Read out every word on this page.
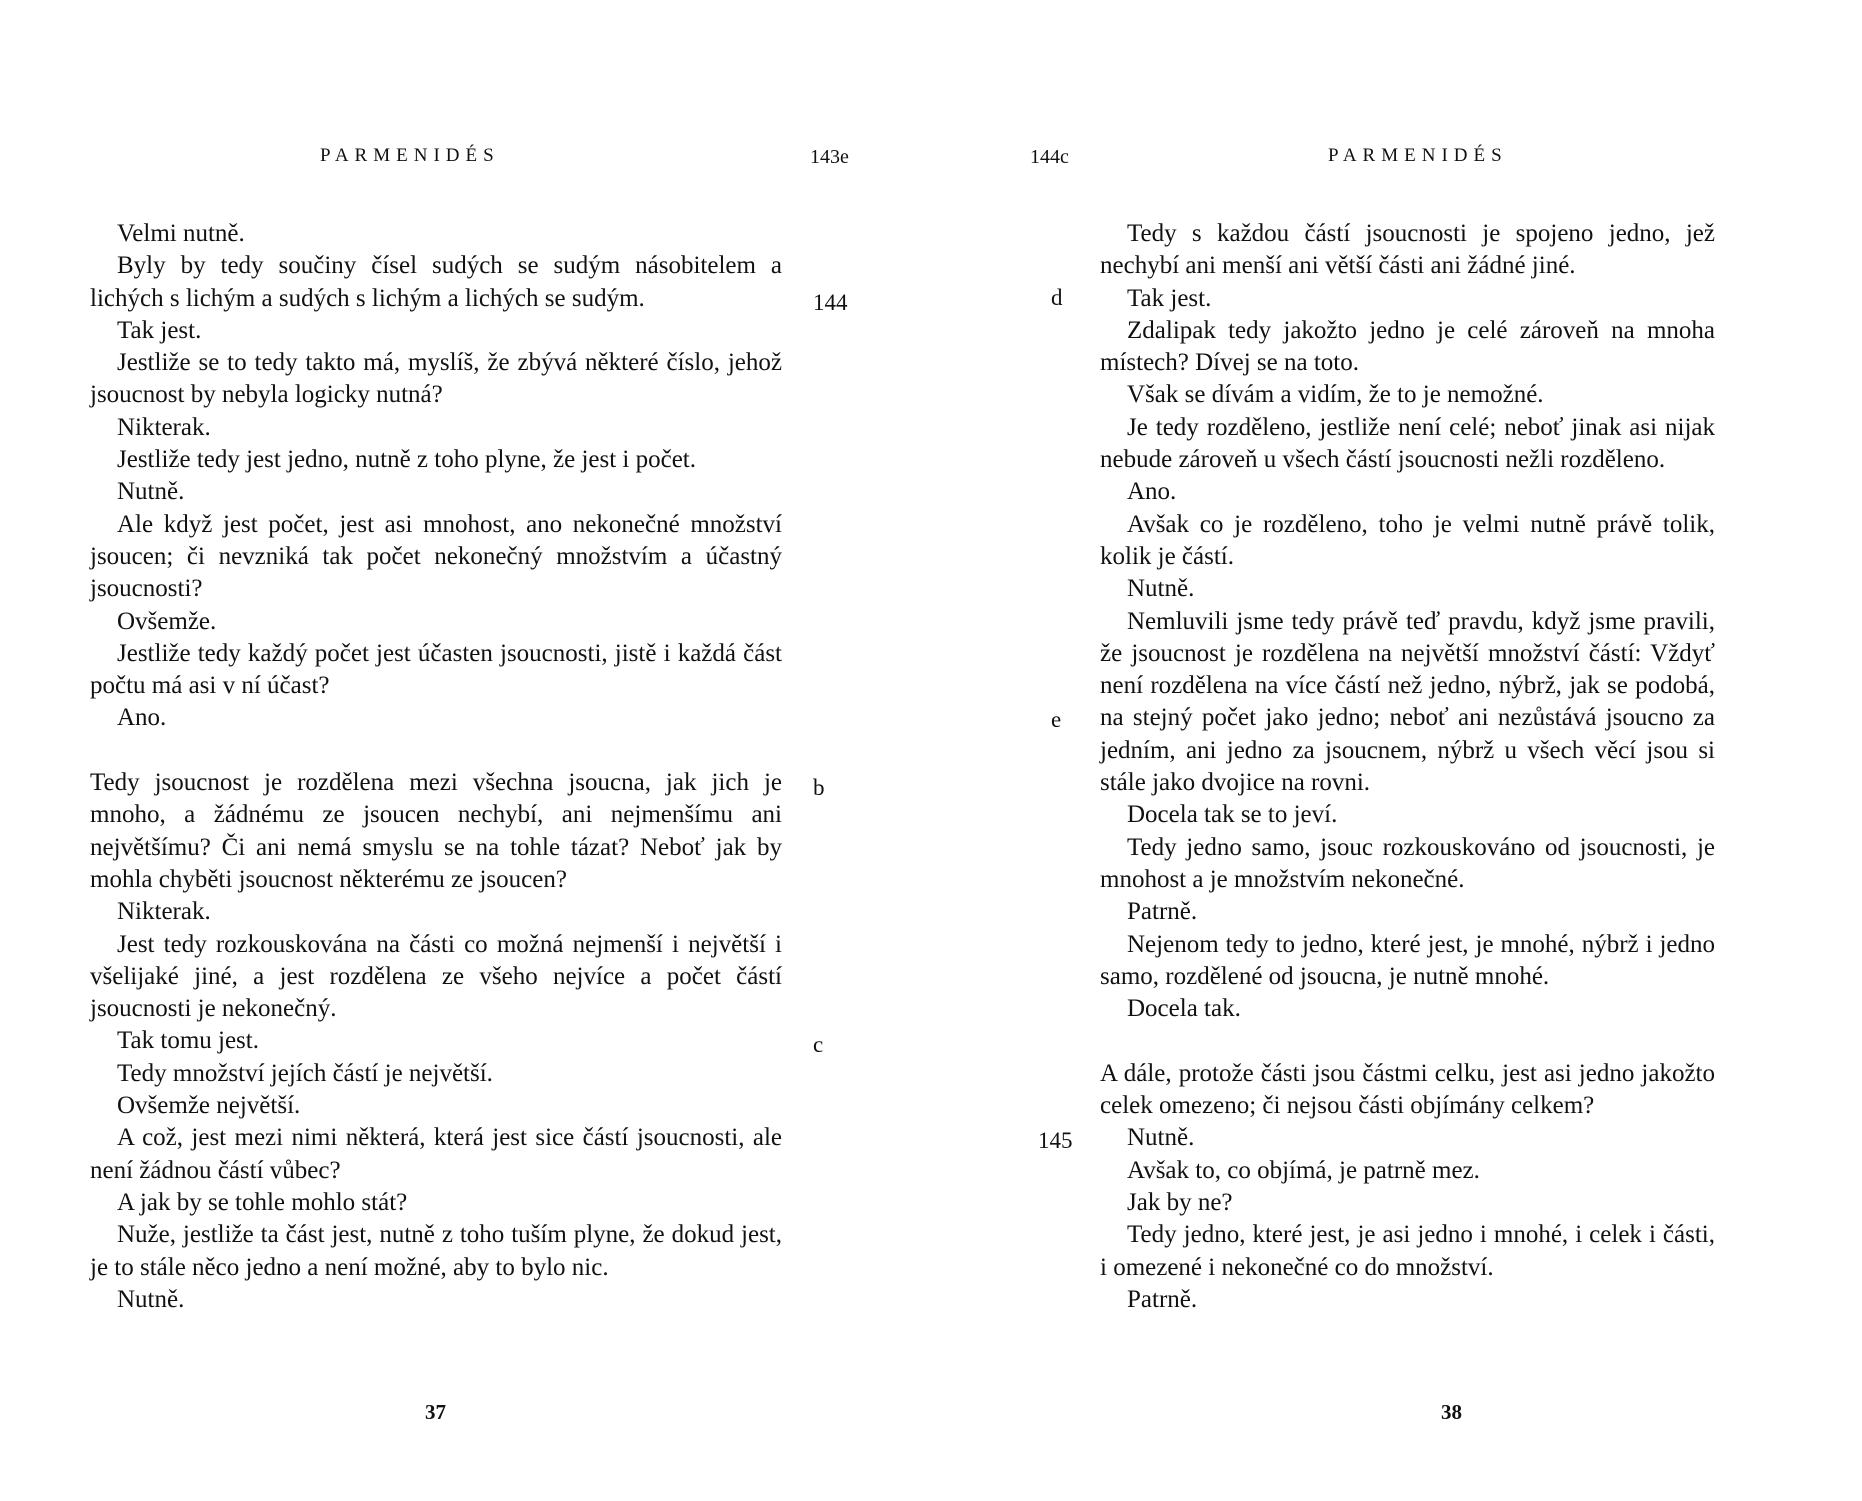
PARMENIDÉS	143e
144
b
c

Velmi nutně.

Byly by tedy součiny čísel sudých se sudým násobitelem a lichých s lichým a sudých s lichým a lichých se sudým.

Tak jest.

Jestliže se to tedy takto má, myslíš, že zbývá některé číslo, jehož jsoucnost by nebyla logicky nutná?

Nikterak.

Jestliže tedy jest jedno, nutně z toho plyne, že jest i počet.

Nutně.

Ale když jest počet, jest asi mnohost, ano nekonečné množství jsoucen; či nevzniká tak počet nekonečný množstvím a účastný jsoucnosti?

Ovšemže.

Jestliže tedy každý počet jest účasten jsoucnosti, jistě i každá část počtu má asi v ní účast?

Ano.

Tedy jsoucnost je rozdělena mezi všechna jsoucna, jak jich je mnoho, a žádnému ze jsoucen nechybí, ani nejmenšímu ani největšímu? Či ani nemá smyslu se na tohle tázat? Neboť jak by mohla chyběti jsoucnost některému ze jsoucen?

Nikterak.

Jest tedy rozkouskována na části co možná nejmenší i největší i všelijaké jiné, a jest rozdělena ze všeho nejvíce a počet částí jsoucnosti je nekonečný.

Tak tomu jest.

Tedy množství jejích částí je největší.

Ovšemže největší.

A což, jest mezi nimi některá, která jest sice částí jsoucnosti, ale není žádnou částí vůbec?

A jak by se tohle mohlo stát?

Nuže, jestliže ta část jest, nutně z toho tuším plyne, že dokud jest, je to stále něco jedno a není možné, aby to bylo nic.

Nutně.

37
144c	PARMENIDÉS
d
e
145

Tedy s každou částí jsoucnosti je spojeno jedno, jež nechybí ani menší ani větší části ani žádné jiné.

Tak jest.

Zdalipak tedy jakožto jedno je celé zároveň na mnoha místech? Dívej se na toto.

Však se dívám a vidím, že to je nemožné.

Je tedy rozděleno, jestliže není celé; neboť jinak asi nijak nebude zároveň u všech částí jsoucnosti nežli rozděleno.

Ano.

Avšak co je rozděleno, toho je velmi nutně právě tolik, kolik je částí.

Nutně.

Nemluvili jsme tedy právě teď pravdu, když jsme pravili, že jsoucnost je rozdělena na největší množství částí: Vždyť není rozdělena na více částí než jedno, nýbrž, jak se podobá, na stejný počet jako jedno; neboť ani nezůstává jsoucno za jedním, ani jedno za jsoucnem, nýbrž u všech věcí jsou si stále jako dvojice na rovni.

Docela tak se to jeví.

Tedy jedno samo, jsouc rozkouskováno od jsoucnosti, je mnohost a je množstvím nekonečné.

Patrně.

Nejenom tedy to jedno, které jest, je mnohé, nýbrž i jedno samo, rozdělené od jsoucna, je nutně mnohé.

Docela tak.

A dále, protože části jsou částmi celku, jest asi jedno jakožto celek omezeno; či nejsou části objímány celkem?

Nutně.

Avšak to, co objímá, je patrně mez.

Jak by ne?

Tedy jedno, které jest, je asi jedno i mnohé, i celek i části, i omezené i nekonečné co do množství.

Patrně.

38
